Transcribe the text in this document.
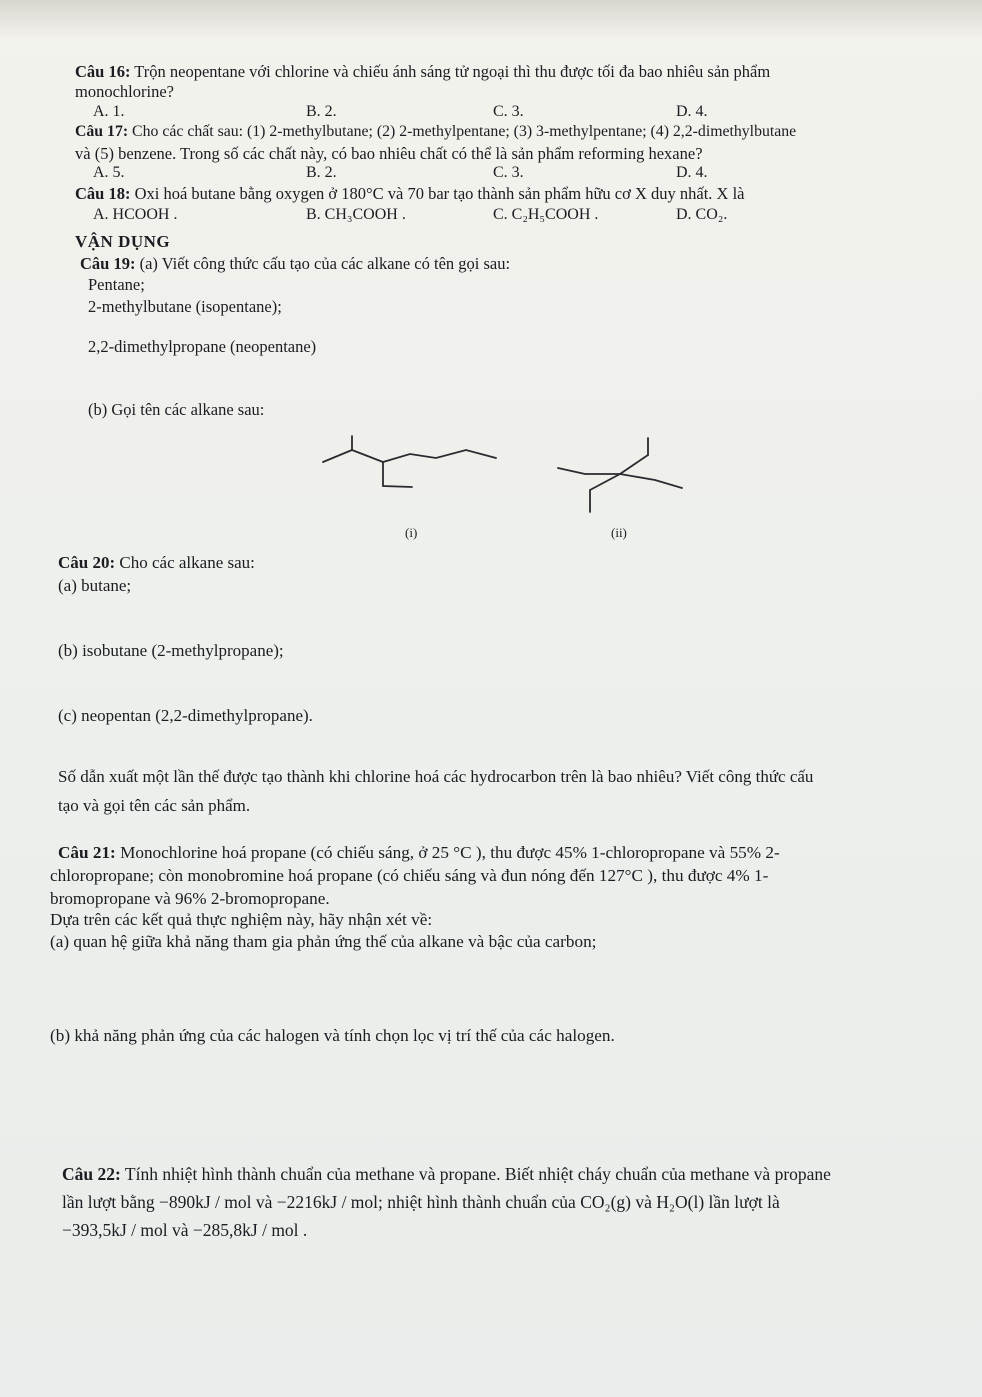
Câu 16: Trộn neopentane với chlorine và chiếu ánh sáng tử ngoại thì thu được tối đa bao nhiêu sản phẩm
monochlorine?
A. 1.	B. 2.	C. 3.	D. 4.
Câu 17: Cho các chất sau: (1) 2-methylbutane; (2) 2-methylpentane; (3) 3-methylpentane; (4) 2,2-dimethylbutane
và (5) benzene. Trong số các chất này, có bao nhiêu chất có thể là sản phẩm reforming hexane?
A. 5.	B. 2.	C. 3.	D. 4.
Câu 18: Oxi hoá butane bằng oxygen ở 180°C và 70 bar tạo thành sản phẩm hữu cơ X duy nhất. X là
A. HCOOH .	B. CH₃COOH .	C. C₂H₅COOH .	D. CO₂.
VẬN DỤNG
Câu 19: (a) Viết công thức cấu tạo của các alkane có tên gọi sau:
Pentane;
2-methylbutane (isopentane);
2,2-dimethylpropane (neopentane)
(b) Gọi tên các alkane sau:
(i)	(ii)
Câu 20: Cho các alkane sau:
(a) butane;
(b) isobutane (2-methylpropane);
(c) neopentan (2,2-dimethylpropane).
Số dẫn xuất một lần thế được tạo thành khi chlorine hoá các hydrocarbon trên là bao nhiêu? Viết công thức cấu
tạo và gọi tên các sản phẩm.
Câu 21: Monochlorine hoá propane (có chiếu sáng, ở 25 °C ), thu được 45% 1-chloropropane và 55% 2-
chloropropane; còn monobromine hoá propane (có chiếu sáng và đun nóng đến 127°C ), thu được 4% 1-
bromopropane và 96% 2-bromopropane.
Dựa trên các kết quả thực nghiệm này, hãy nhận xét về:
(a) quan hệ giữa khả năng tham gia phản ứng thế của alkane và bậc của carbon;
(b) khả năng phản ứng của các halogen và tính chọn lọc vị trí thế của các halogen.
Câu 22: Tính nhiệt hình thành chuẩn của methane và propane. Biết nhiệt cháy chuẩn của methane và propane
lần lượt bằng −890kJ / mol và −2216kJ / mol; nhiệt hình thành chuẩn của CO₂(g) và H₂O(l) lần lượt là
−393,5kJ / mol và −285,8kJ / mol .
